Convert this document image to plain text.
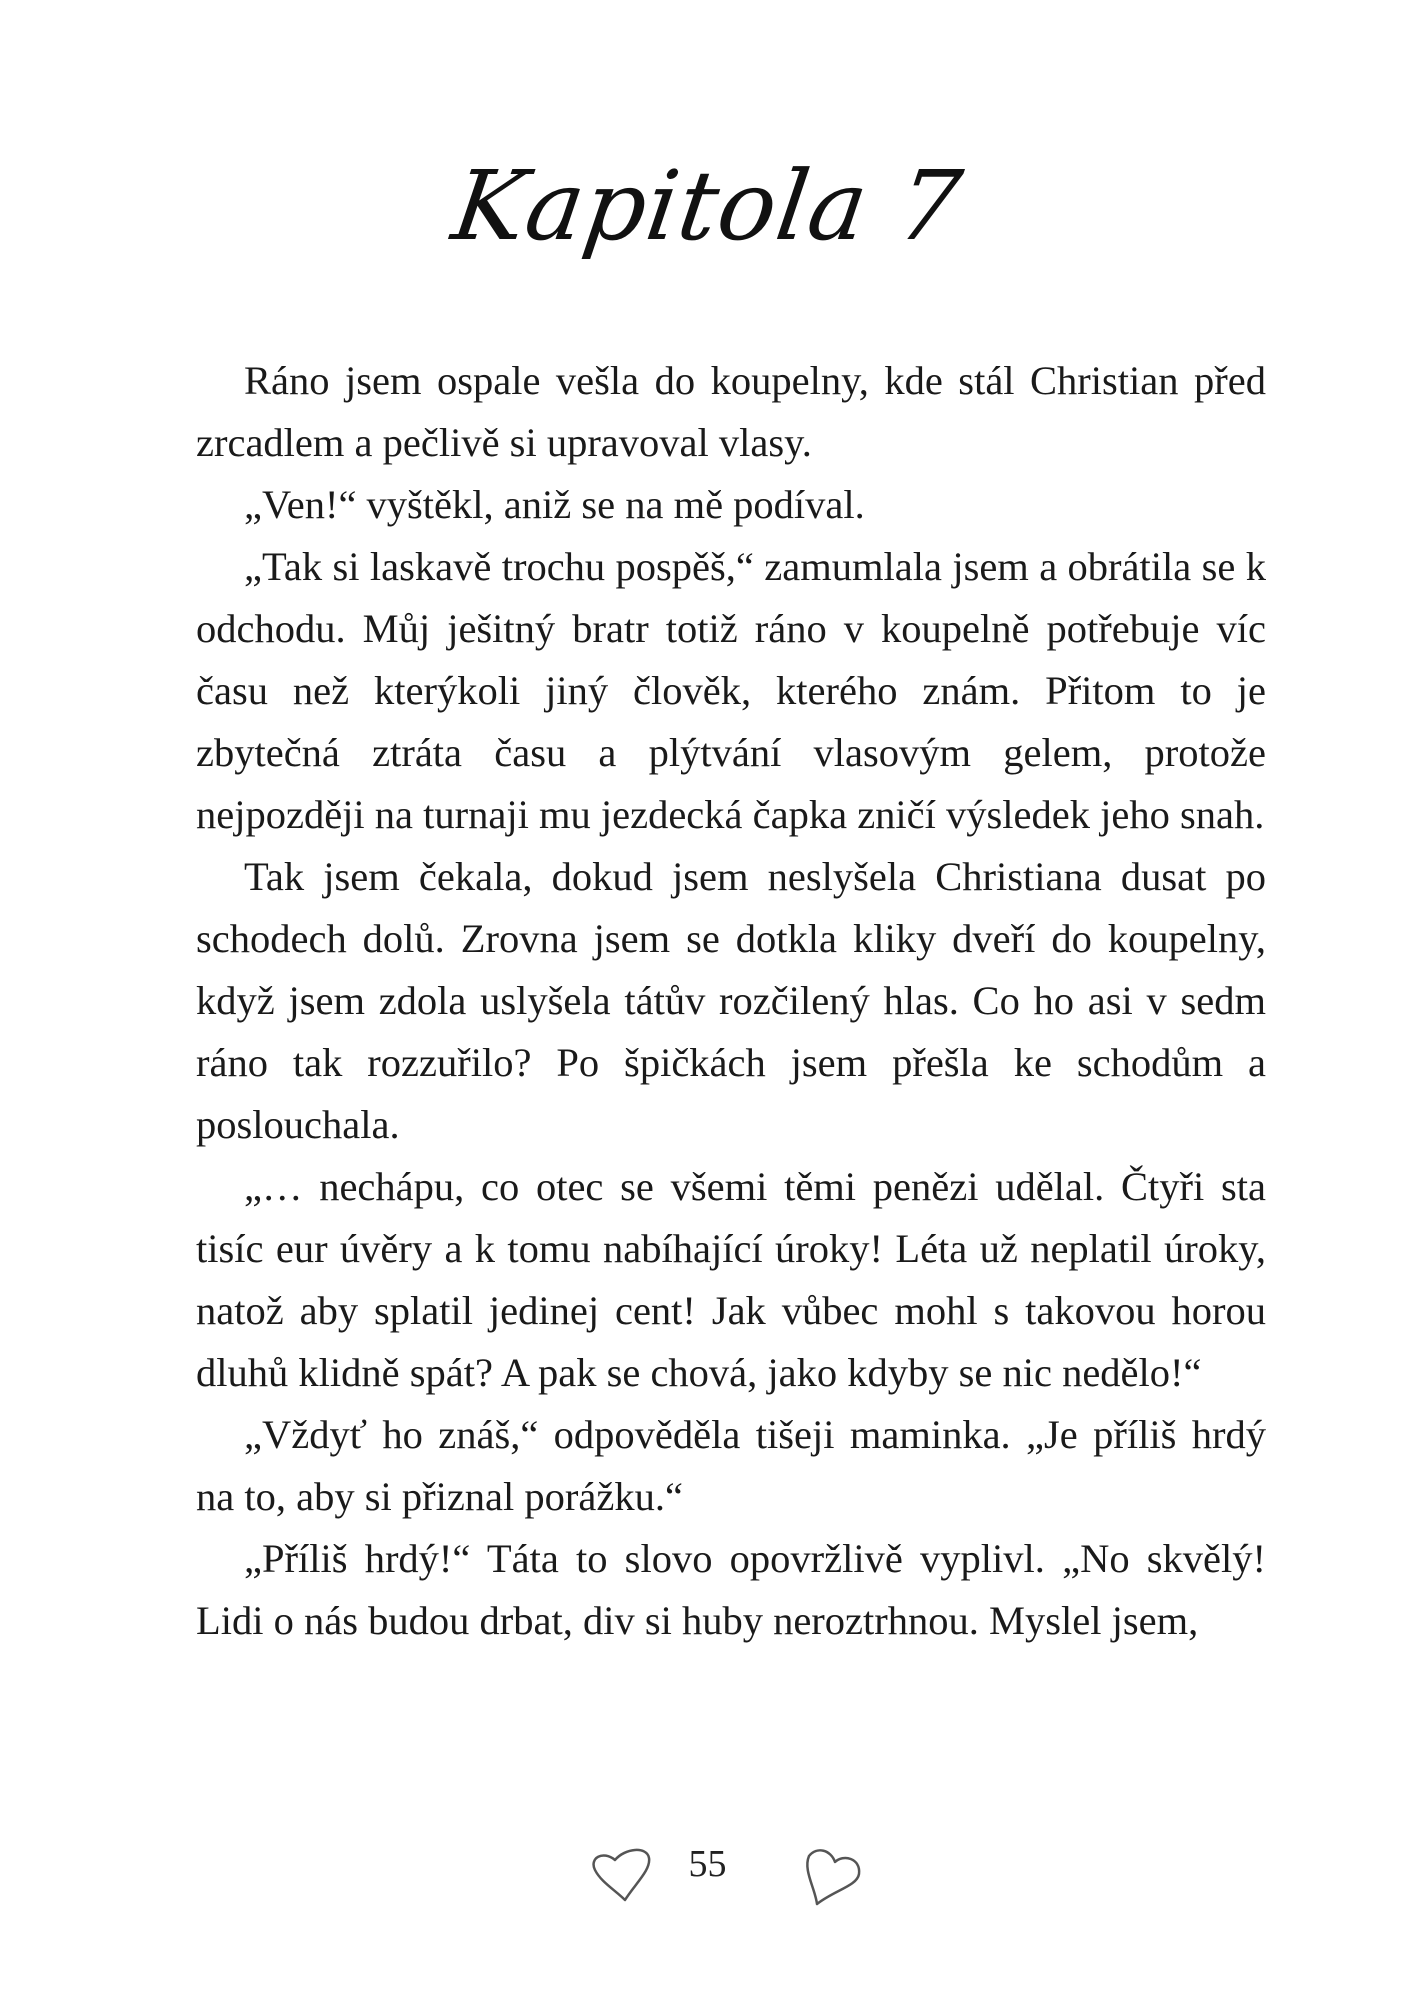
Kapitola 7

Ráno jsem ospale vešla do koupelny, kde stál Christian před zrcadlem a pečlivě si upravoval vlasy.

„Ven!“ vyštěkl, aniž se na mě podíval.

„Tak si laskavě trochu pospěš,“ zamumlala jsem a obrátila se k odchodu. Můj ješitný bratr totiž ráno v koupelně potřebuje víc času než kterýkoli jiný člověk, kterého znám. Přitom to je zbytečná ztráta času a plýtvání vlasovým gelem, protože nejpozději na turnaji mu jezdecká čapka zničí výsledek jeho snah.

Tak jsem čekala, dokud jsem neslyšela Christiana dusat po schodech dolů. Zrovna jsem se dotkla kliky dveří do koupelny, když jsem zdola uslyšela tátův rozčilený hlas. Co ho asi v sedm ráno tak rozzuřilo? Po špičkách jsem přešla ke schodům a poslouchala.

„… nechápu, co otec se všemi těmi penězi udělal. Čtyři sta tisíc eur úvěry a k tomu nabíhající úroky! Léta už neplatil úroky, natož aby splatil jedinej cent! Jak vůbec mohl s takovou horou dluhů klidně spát? A pak se chová, jako kdyby se nic nedělo!“

„Vždyť ho znáš,“ odpověděla tišeji maminka. „Je příliš hrdý na to, aby si přiznal porážku.“

„Příliš hrdý!“ Táta to slovo opovržlivě vyplivl. „No skvělý! Lidi o nás budou drbat, div si huby neroztrhnou. Myslel jsem,

55
